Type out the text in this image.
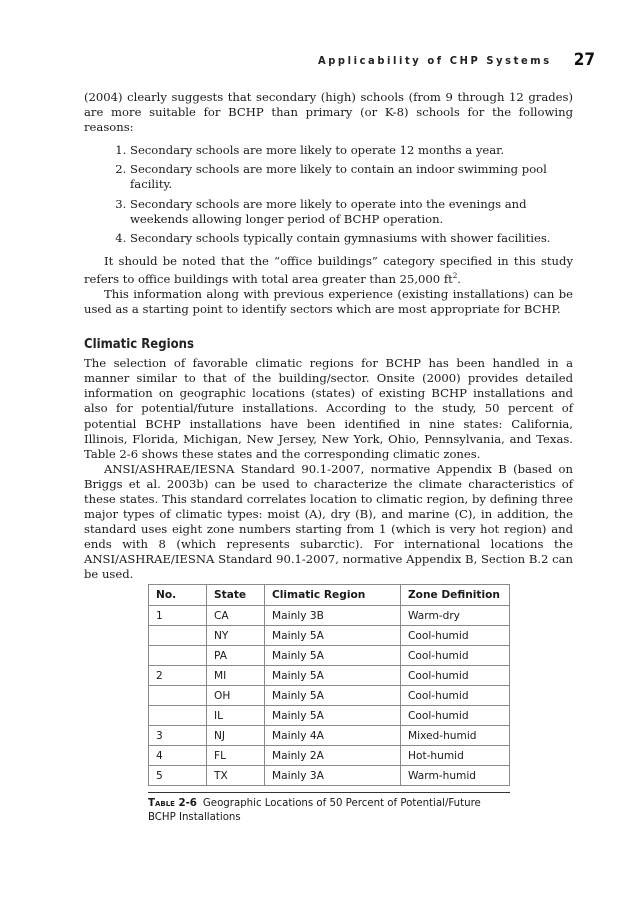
Applicability of CHP Systems 27

(2004) clearly suggests that secondary (high) schools (from 9 through 12 grades) are more suitable for BCHP than primary (or K-8) schools for the following reasons:

1. Secondary schools are more likely to operate 12 months a year.
2. Secondary schools are more likely to contain an indoor swimming pool facility.
3. Secondary schools are more likely to operate into the evenings and weekends allowing longer period of BCHP operation.
4. Secondary schools typically contain gymnasiums with shower facilities.

It should be noted that the “office buildings” category specified in this study refers to office buildings with total area greater than 25,000 $ft^2$.

This information along with previous experience (existing installations) can be used as a starting point to identify sectors which are most appropriate for BCHP.

Climatic Regions

The selection of favorable climatic regions for BCHP has been handled in a manner similar to that of the building/sector. Onsite (2000) provides detailed information on geographic locations (states) of existing BCHP installations and also for potential/future installations. According to the study, 50 percent of potential BCHP installations have been identified in nine states: California, Illinois, Florida, Michigan, New Jersey, New York, Ohio, Pennsylvania, and Texas. Table 2-6 shows these states and the corresponding climatic zones.

ANSI/ASHRAE/IESNA Standard 90.1-2007, normative Appendix B (based on Briggs et al. 2003b) can be used to characterize the climate characteristics of these states. This standard correlates location to climatic region, by defining three major types of climatic types: moist (A), dry (B), and marine (C), in addition, the standard uses eight zone numbers starting from 1 (which is very hot region) and ends with 8 (which represents subarctic). For international locations the ANSI/ASHRAE/IESNA Standard 90.1-2007, normative Appendix B, Section B.2 can be used.

No.	State	Climatic Region	Zone Definition
1	CA	Mainly 3B	Warm-dry
	NY	Mainly 5A	Cool-humid
	PA	Mainly 5A	Cool-humid
2	MI	Mainly 5A	Cool-humid
	OH	Mainly 5A	Cool-humid
	IL	Mainly 5A	Cool-humid
3	NJ	Mainly 4A	Mixed-humid
4	FL	Mainly 2A	Hot-humid
5	TX	Mainly 3A	Warm-humid
Table 2-6 Geographic Locations of 50 Percent of Potential/Future BCHP Installations
